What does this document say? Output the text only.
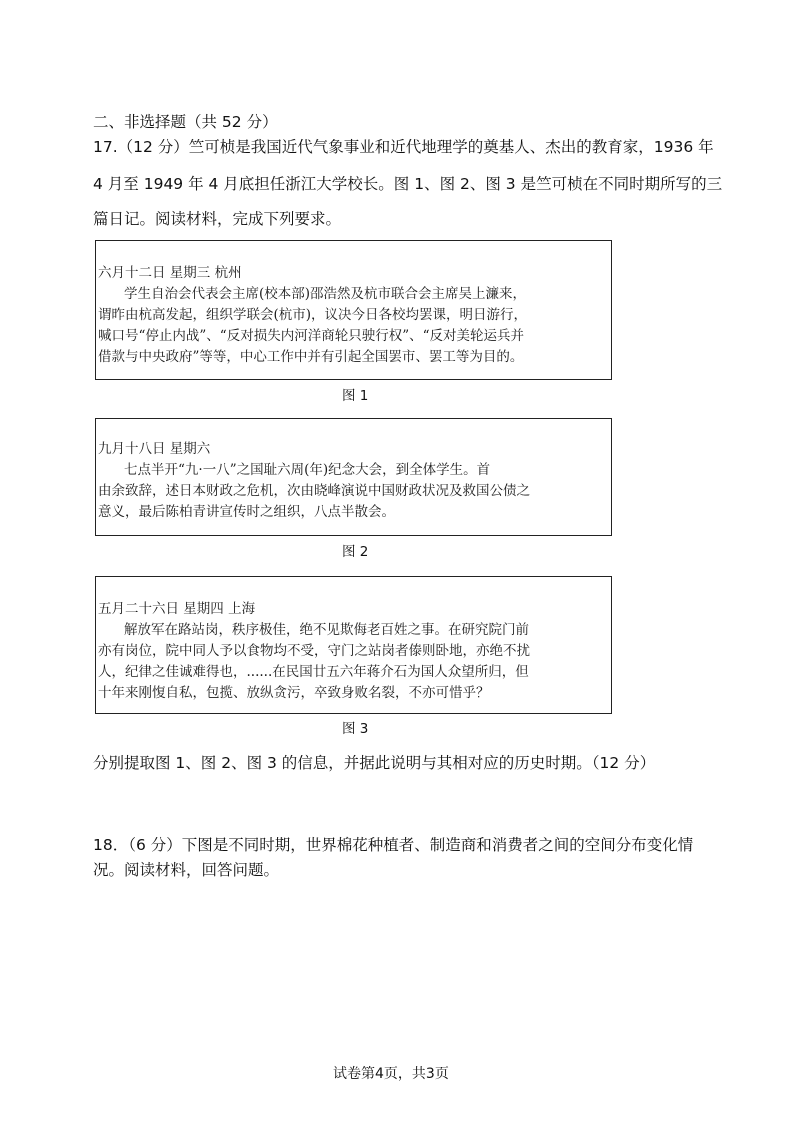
二、非选择题（共 52 分）
17.（12 分）竺可桢是我国近代气象事业和近代地理学的奠基人、杰出的教育家，1936 年
4 月至 1949 年 4 月底担任浙江大学校长。图 1、图 2、图 3 是竺可桢在不同时期所写的三
篇日记。阅读材料，完成下列要求。
六月十二日 星期三 杭州
学生自治会代表会主席(校本部)邵浩然及杭市联合会主席吴上濂来，
谓昨由杭高发起，组织学联会(杭市)，议决今日各校均罢课，明日游行，
喊口号“停止内战”、“反对损失内河洋商轮只驶行权”、“反对美轮运兵并
借款与中央政府”等等，中心工作中并有引起全国罢市、罢工等为目的。
图 1
九月十八日 星期六
七点半开“九·一八”之国耻六周(年)纪念大会，到全体学生。首
由余致辞，述日本财政之危机，次由晓峰演说中国财政状况及救国公债之
意义，最后陈柏青讲宣传时之组织，八点半散会。
图 2
五月二十六日 星期四 上海
解放军在路站岗，秩序极佳，绝不见欺侮老百姓之事。在研究院门前
亦有岗位，院中同人予以食物均不受，守门之站岗者傣则卧地，亦绝不扰
人，纪律之佳诚难得也，......在民国廿五六年蒋介石为国人众望所归，但
十年来刚愎自私，包揽、放纵贪污，卒致身败名裂，不亦可惜乎？
图 3
分别提取图 1、图 2、图 3 的信息，并据此说明与其相对应的历史时期。（12 分）
18．（6 分）下图是不同时期，世界棉花种植者、制造商和消费者之间的空间分布变化情
况。阅读材料，回答问题。
试卷第4页，共3页
